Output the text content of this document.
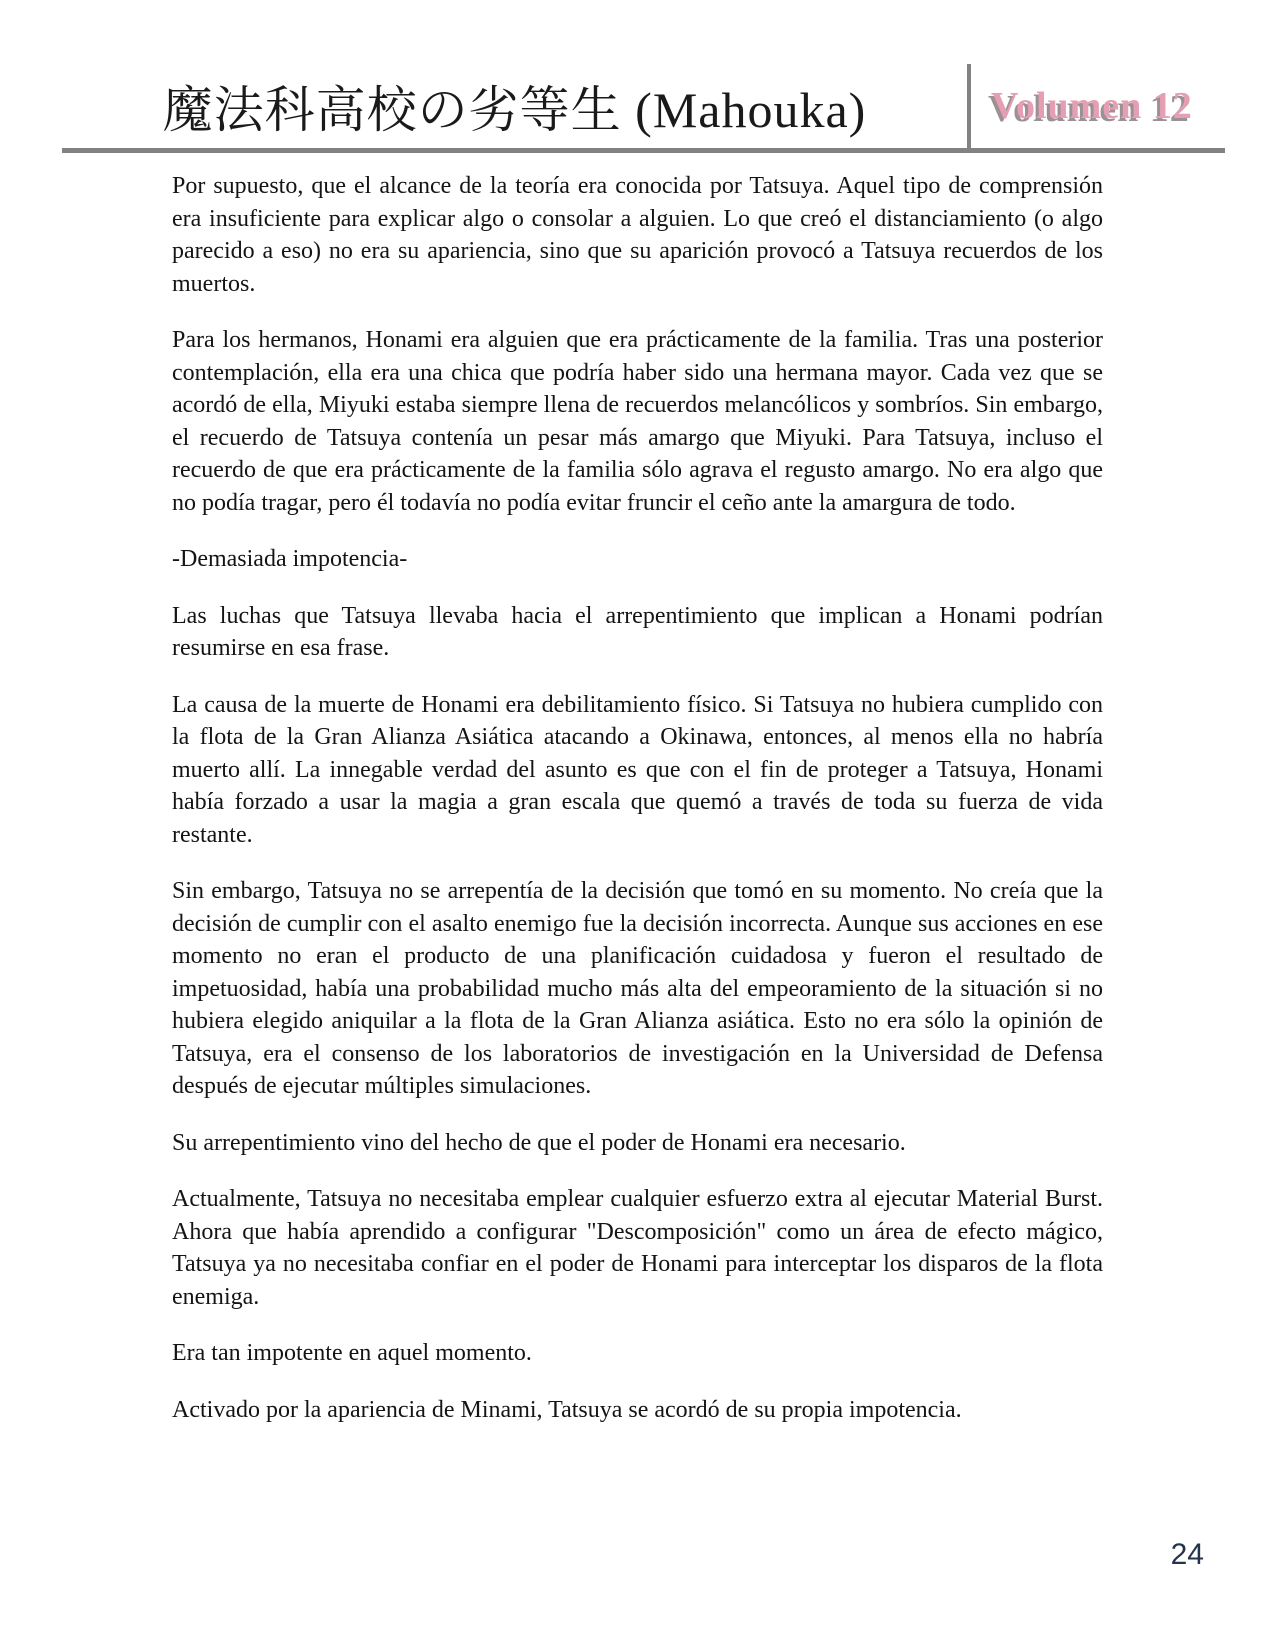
魔法科高校の劣等生 (Mahouka)	Volumen 12

Por supuesto, que el alcance de la teoría era conocida por Tatsuya. Aquel tipo de comprensión era insuficiente para explicar algo o consolar a alguien. Lo que creó el distanciamiento (o algo parecido a eso) no era su apariencia, sino que su aparición provocó a Tatsuya recuerdos de los muertos.

Para los hermanos, Honami era alguien que era prácticamente de la familia. Tras una posterior contemplación, ella era una chica que podría haber sido una hermana mayor. Cada vez que se acordó de ella, Miyuki estaba siempre llena de recuerdos melancólicos y sombríos. Sin embargo, el recuerdo de Tatsuya contenía un pesar más amargo que Miyuki. Para Tatsuya, incluso el recuerdo de que era prácticamente de la familia sólo agrava el regusto amargo. No era algo que no podía tragar, pero él todavía no podía evitar fruncir el ceño ante la amargura de todo.

-Demasiada impotencia-

Las luchas que Tatsuya llevaba hacia el arrepentimiento que implican a Honami podrían resumirse en esa frase.

La causa de la muerte de Honami era debilitamiento físico. Si Tatsuya no hubiera cumplido con la flota de la Gran Alianza Asiática atacando a Okinawa, entonces, al menos ella no habría muerto allí. La innegable verdad del asunto es que con el fin de proteger a Tatsuya, Honami había forzado a usar la magia a gran escala que quemó a través de toda su fuerza de vida restante.

Sin embargo, Tatsuya no se arrepentía de la decisión que tomó en su momento. No creía que la decisión de cumplir con el asalto enemigo fue la decisión incorrecta. Aunque sus acciones en ese momento no eran el producto de una planificación cuidadosa y fueron el resultado de impetuosidad, había una probabilidad mucho más alta del empeoramiento de la situación si no hubiera elegido aniquilar a la flota de la Gran Alianza asiática. Esto no era sólo la opinión de Tatsuya, era el consenso de los laboratorios de investigación en la Universidad de Defensa después de ejecutar múltiples simulaciones.

Su arrepentimiento vino del hecho de que el poder de Honami era necesario.

Actualmente, Tatsuya no necesitaba emplear cualquier esfuerzo extra al ejecutar Material Burst. Ahora que había aprendido a configurar "Descomposición" como un área de efecto mágico, Tatsuya ya no necesitaba confiar en el poder de Honami para interceptar los disparos de la flota enemiga.

Era tan impotente en aquel momento.

Activado por la apariencia de Minami, Tatsuya se acordó de su propia impotencia.

24
